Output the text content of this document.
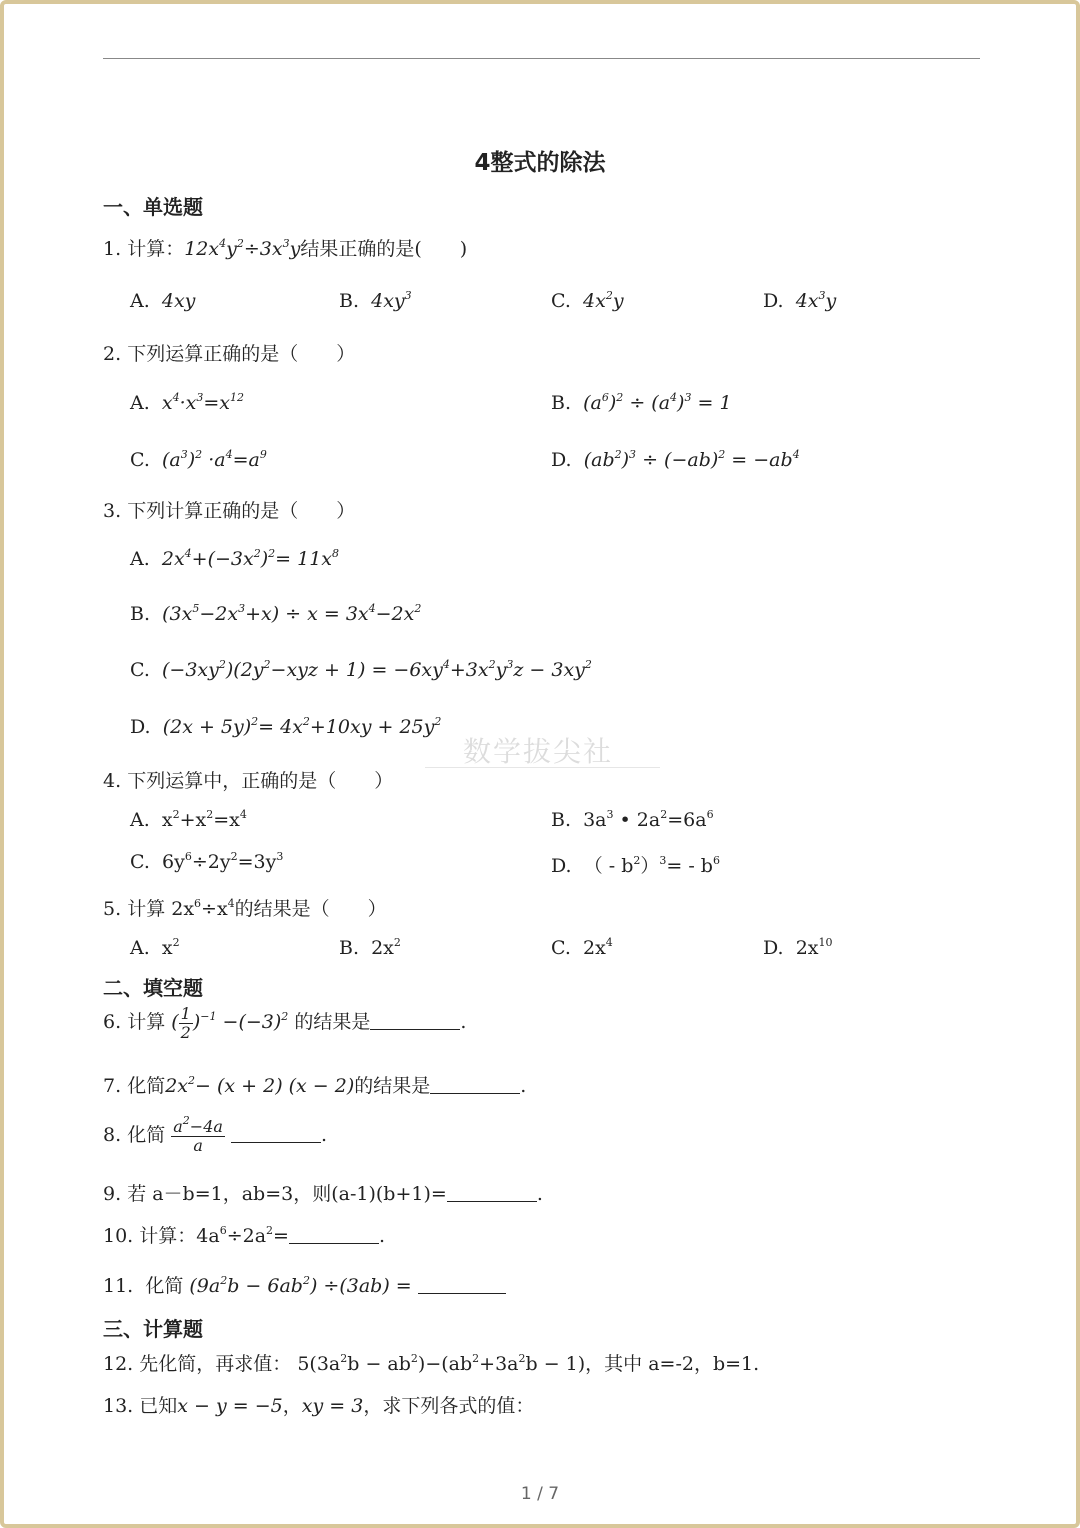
4整式的除法
一、单选题
1. 计算：$12x^4y^2\div 3x^3y$结果正确的是(　　)
A. 4xy	B. $4xy^3$	C. $4x^2y$	D. $4x^3y$
2. 下列运算正确的是（　　）
A. $x^4\cdot x^3=x^{12}$	B. $(a^6)^2 \div (a^4)^3 = 1$
C. $(a^3)^2 \cdot a^4=a^9$	D. $(ab^2)^3 \div (-ab)^2 = -ab^4$
3. 下列计算正确的是（　　）
A. $2x^4+(-3x^2)^2= 11x^8$
B. $(3x^5-2x^3+x) \div x = 3x^4-2x^2$
C. $(-3xy^2)(2y^2-xyz + 1) = -6xy^4+3x^2y^3z - 3xy^2$
D. $(2x + 5y)^2= 4x^2+10xy + 25y^2$
数学拔尖社
4. 下列运算中，正确的是（　　）
A.  $x^2+x^2=x^4$	B.  $3a^3$ • $2a^2=6a^6$
C.  $6y^6\div 2y^2=3y^3$	D.  （ - $b^2)^3= - b^6$
5. 计算 $2x^6\div x^4$的结果是（　　）
A.  $x^2$	B.  $2x^2$	C.  $2x^4$	D.  $2x^{10}$
二、填空题
6. 计算 ( $\frac{1}{2} )^{-1} -(-3)^2$ 的结果是	.
7. 化简$2x^2- (x + 2) (x - 2)$的结果是	.
8. 化简 $\frac{a^2-4a}{a}$	.
9. 若 a－b=1，ab=3，则(a-1)(b+1)=	.
10. 计算：$4a^6\div 2a^2=$	.
11. 化简 $(9a^2b - 6ab^2) \div(3ab)$ =
三、计算题
12. 先化简，再求值： $5(3a^2b - ab^2)-(ab^2+3a^2b - 1)$，其中 a=-2，b=1.
13. 已知x − y = −5，xy = 3，求下列各式的值：
1 / 7
